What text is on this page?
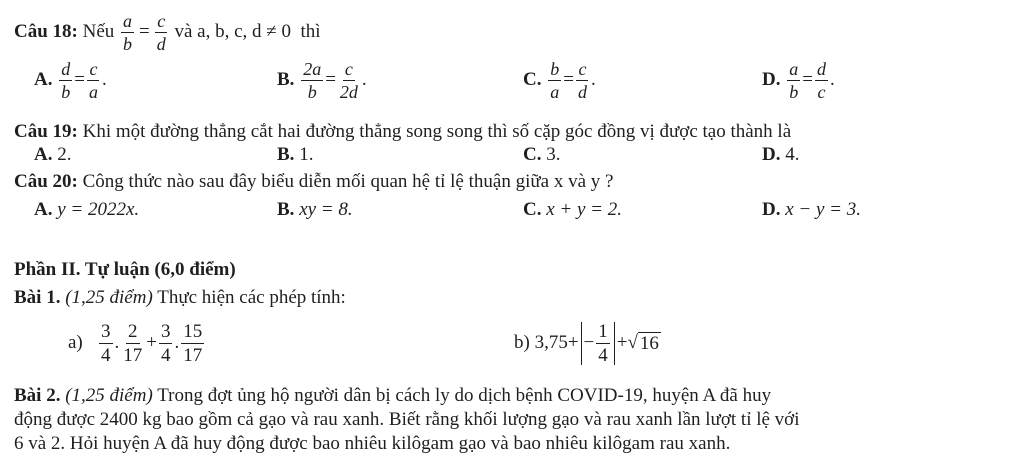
Câu 18:
Nếu
$\frac{a}{b} = \frac{c}{d}$
và a, b, c, d ≠ 0
thì
A.
$\frac{d}{b} = \frac{c}{a}$ .	B.
$\frac{2a}{b} = \frac{c}{2d}$ .	C.
$\frac{b}{a} = \frac{c}{d}$ .	D.
$\frac{a}{b} = \frac{d}{c}$ .
Câu 19: Khi một đường thẳng cắt hai đường thẳng song song thì số cặp góc đồng vị được tạo thành là
A. 2.	B. 1.	C. 3.	D. 4.
Câu 20: Công thức nào sau đây biểu diễn mối quan hệ tỉ lệ thuận giữa x và y ?
A. y = 2022x.	B. xy = 8.	C. x + y = 2.	D. x − y = 3.
Phần II. Tự luận (6,0 điểm)
Bài 1. (1,25 điểm) Thực hiện các phép tính:
a)
$\frac{3}{4}$ . $\frac{2}{17} + \frac{3}{4}$ . $\frac{15}{17}$	b)
3,75 + − $\frac{1}{4}$ + √ 16
Bài 2. (1,25 điểm) Trong đợt ủng hộ người dân bị cách ly do dịch bệnh COVID-19, huyện A đã huy
động được 2400 kg bao gồm cả gạo và rau xanh. Biết rằng khối lượng gạo và rau xanh lần lượt tỉ lệ với
6 và 2. Hỏi huyện A đã huy động được bao nhiêu kilôgam gạo và bao nhiêu kilôgam rau xanh.
